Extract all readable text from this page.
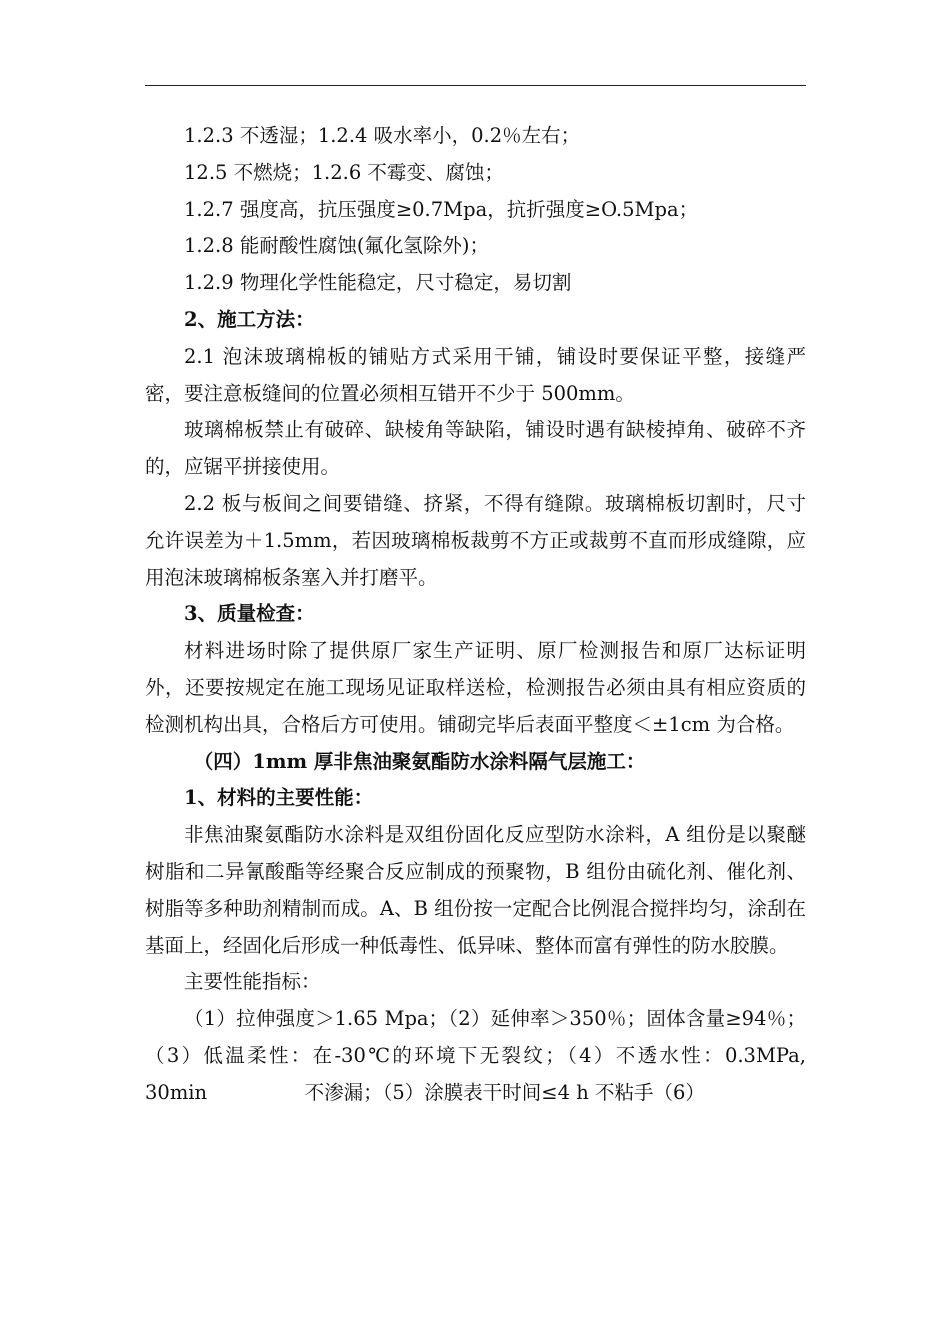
1.2.3 不透湿；1.2.4 吸水率小，0.2％左右；

12.5 不燃烧；1.2.6 不霉变、腐蚀；

1.2.7 强度高，抗压强度≥0.7Mpa，抗折强度≥O.5Mpa；

1.2.8 能耐酸性腐蚀(氟化氢除外)；

1.2.9 物理化学性能稳定，尺寸稳定，易切割

2、施工方法：

2.1 泡沫玻璃棉板的铺贴方式采用干铺，铺设时要保证平整，接缝严密，要注意板缝间的位置必须相互错开不少于 500mm。

玻璃棉板禁止有破碎、缺棱角等缺陷，铺设时遇有缺棱掉角、破碎不齐的，应锯平拼接使用。

2.2 板与板间之间要错缝、挤紧，不得有缝隙。玻璃棉板切割时，尺寸允许误差为＋1.5mm，若因玻璃棉板裁剪不方正或裁剪不直而形成缝隙，应用泡沫玻璃棉板条塞入并打磨平。

3、质量检查：

材料进场时除了提供原厂家生产证明、原厂检测报告和原厂达标证明外，还要按规定在施工现场见证取样送检，检测报告必须由具有相应资质的检测机构出具，合格后方可使用。铺砌完毕后表面平整度＜±1cm 为合格。

（四）1mm 厚非焦油聚氨酯防水涂料隔气层施工：

1、材料的主要性能：

非焦油聚氨酯防水涂料是双组份固化反应型防水涂料，A 组份是以聚醚树脂和二异氰酸酯等经聚合反应制成的预聚物，B 组份由硫化剂、催化剂、树脂等多种助剂精制而成。A、B 组份按一定配合比例混合搅拌均匀，涂刮在基面上，经固化后形成一种低毒性、低异味、整体而富有弹性的防水胶膜。

主要性能指标：

（1）拉伸强度＞1.65 Mpa；（2）延伸率＞350％；固体含量≥94％；（3）低温柔性：在-30℃的环境下无裂纹；（4）不透水性：0.3MPa, 30min　　　　　不渗漏；（5）涂膜表干时间≤4 h 不粘手（6）
